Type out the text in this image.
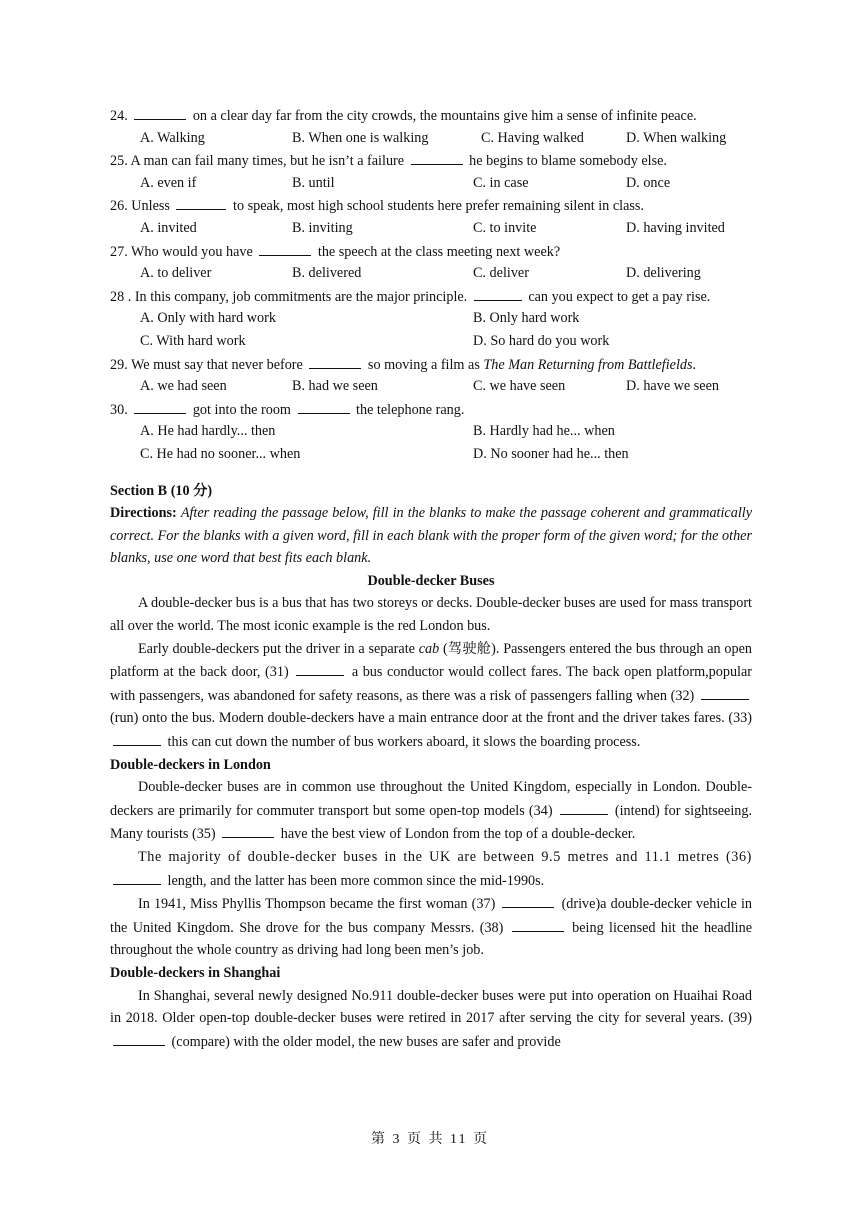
24.	on a clear day far from the city crowds, the mountains give him a sense of infinite peace.
A. Walking	B. When one is walking	C. Having walked	D. When walking
25. A man can fail many times, but he isn’t a failure	he begins to blame somebody else.
A. even if	B. until	C. in case	D. once
26. Unless	to speak, most high school students here prefer remaining silent in class.
A. invited	B. inviting	C. to invite	D. having invited
27. Who would you have	the speech at the class meeting next week?
A. to deliver	B. delivered	C. deliver	D. delivering
28 . In this company, job commitments are the major principle.	can you expect to get a pay rise.
A. Only with hard work	B. Only hard work
C. With hard work	D. So hard do you work
29. We must say that never before	so moving a film as The Man Returning from Battlefields.
A. we had seen	B. had we seen	C. we have seen	D. have we seen
30.	got into the room	the telephone rang.
A. He had hardly... then	B. Hardly had he... when
C. He had no sooner... when	D. No sooner had he... then
Section B (10 分)
Directions: After reading the passage below, fill in the blanks to make the passage coherent and grammatically correct. For the blanks with a given word, fill in each blank with the proper form of the given word; for the other blanks, use one word that best fits each blank.
Double-decker Buses
A double-decker bus is a bus that has two storeys or decks. Double-decker buses are used for mass transport all over the world. The most iconic example is the red London bus.
Early double-deckers put the driver in a separate cab (驾驶舱). Passengers entered the bus through an open platform at the back door, (31)	a bus conductor would collect fares. The back open platform,popular with passengers, was abandoned for safety reasons, as there was a risk of passengers falling when (32)  (run) onto the bus. Modern double-deckers have a main entrance door at the front and the driver takes fares. (33)  this can cut down the number of bus workers aboard, it slows the boarding process.
Double-deckers in London
Double-decker buses are in common use throughout the United Kingdom, especially in London. Double-deckers are primarily for commuter transport but some open-top models (34)	(intend) for sightseeing. Many tourists (35)	have the best view of London from the top of a double-decker.
The majority of double-decker buses in the UK are between 9.5 metres and 11.1 metres (36)  length, and the latter has been more common since the mid-1990s.
In 1941, Miss Phyllis Thompson became the first woman (37)	(drive)a double-decker vehicle in the United Kingdom. She drove for the bus company Messrs. (38)	being licensed hit the headline throughout the whole country as driving had long been men’s job.
Double-deckers in Shanghai
In Shanghai, several newly designed No.911 double-decker buses were put into operation on Huaihai Road in 2018. Older open-top double-decker buses were retired in 2017 after serving the city for several years. (39)  (compare) with the older model, the new buses are safer and provide
第 3 页 共 11 页
